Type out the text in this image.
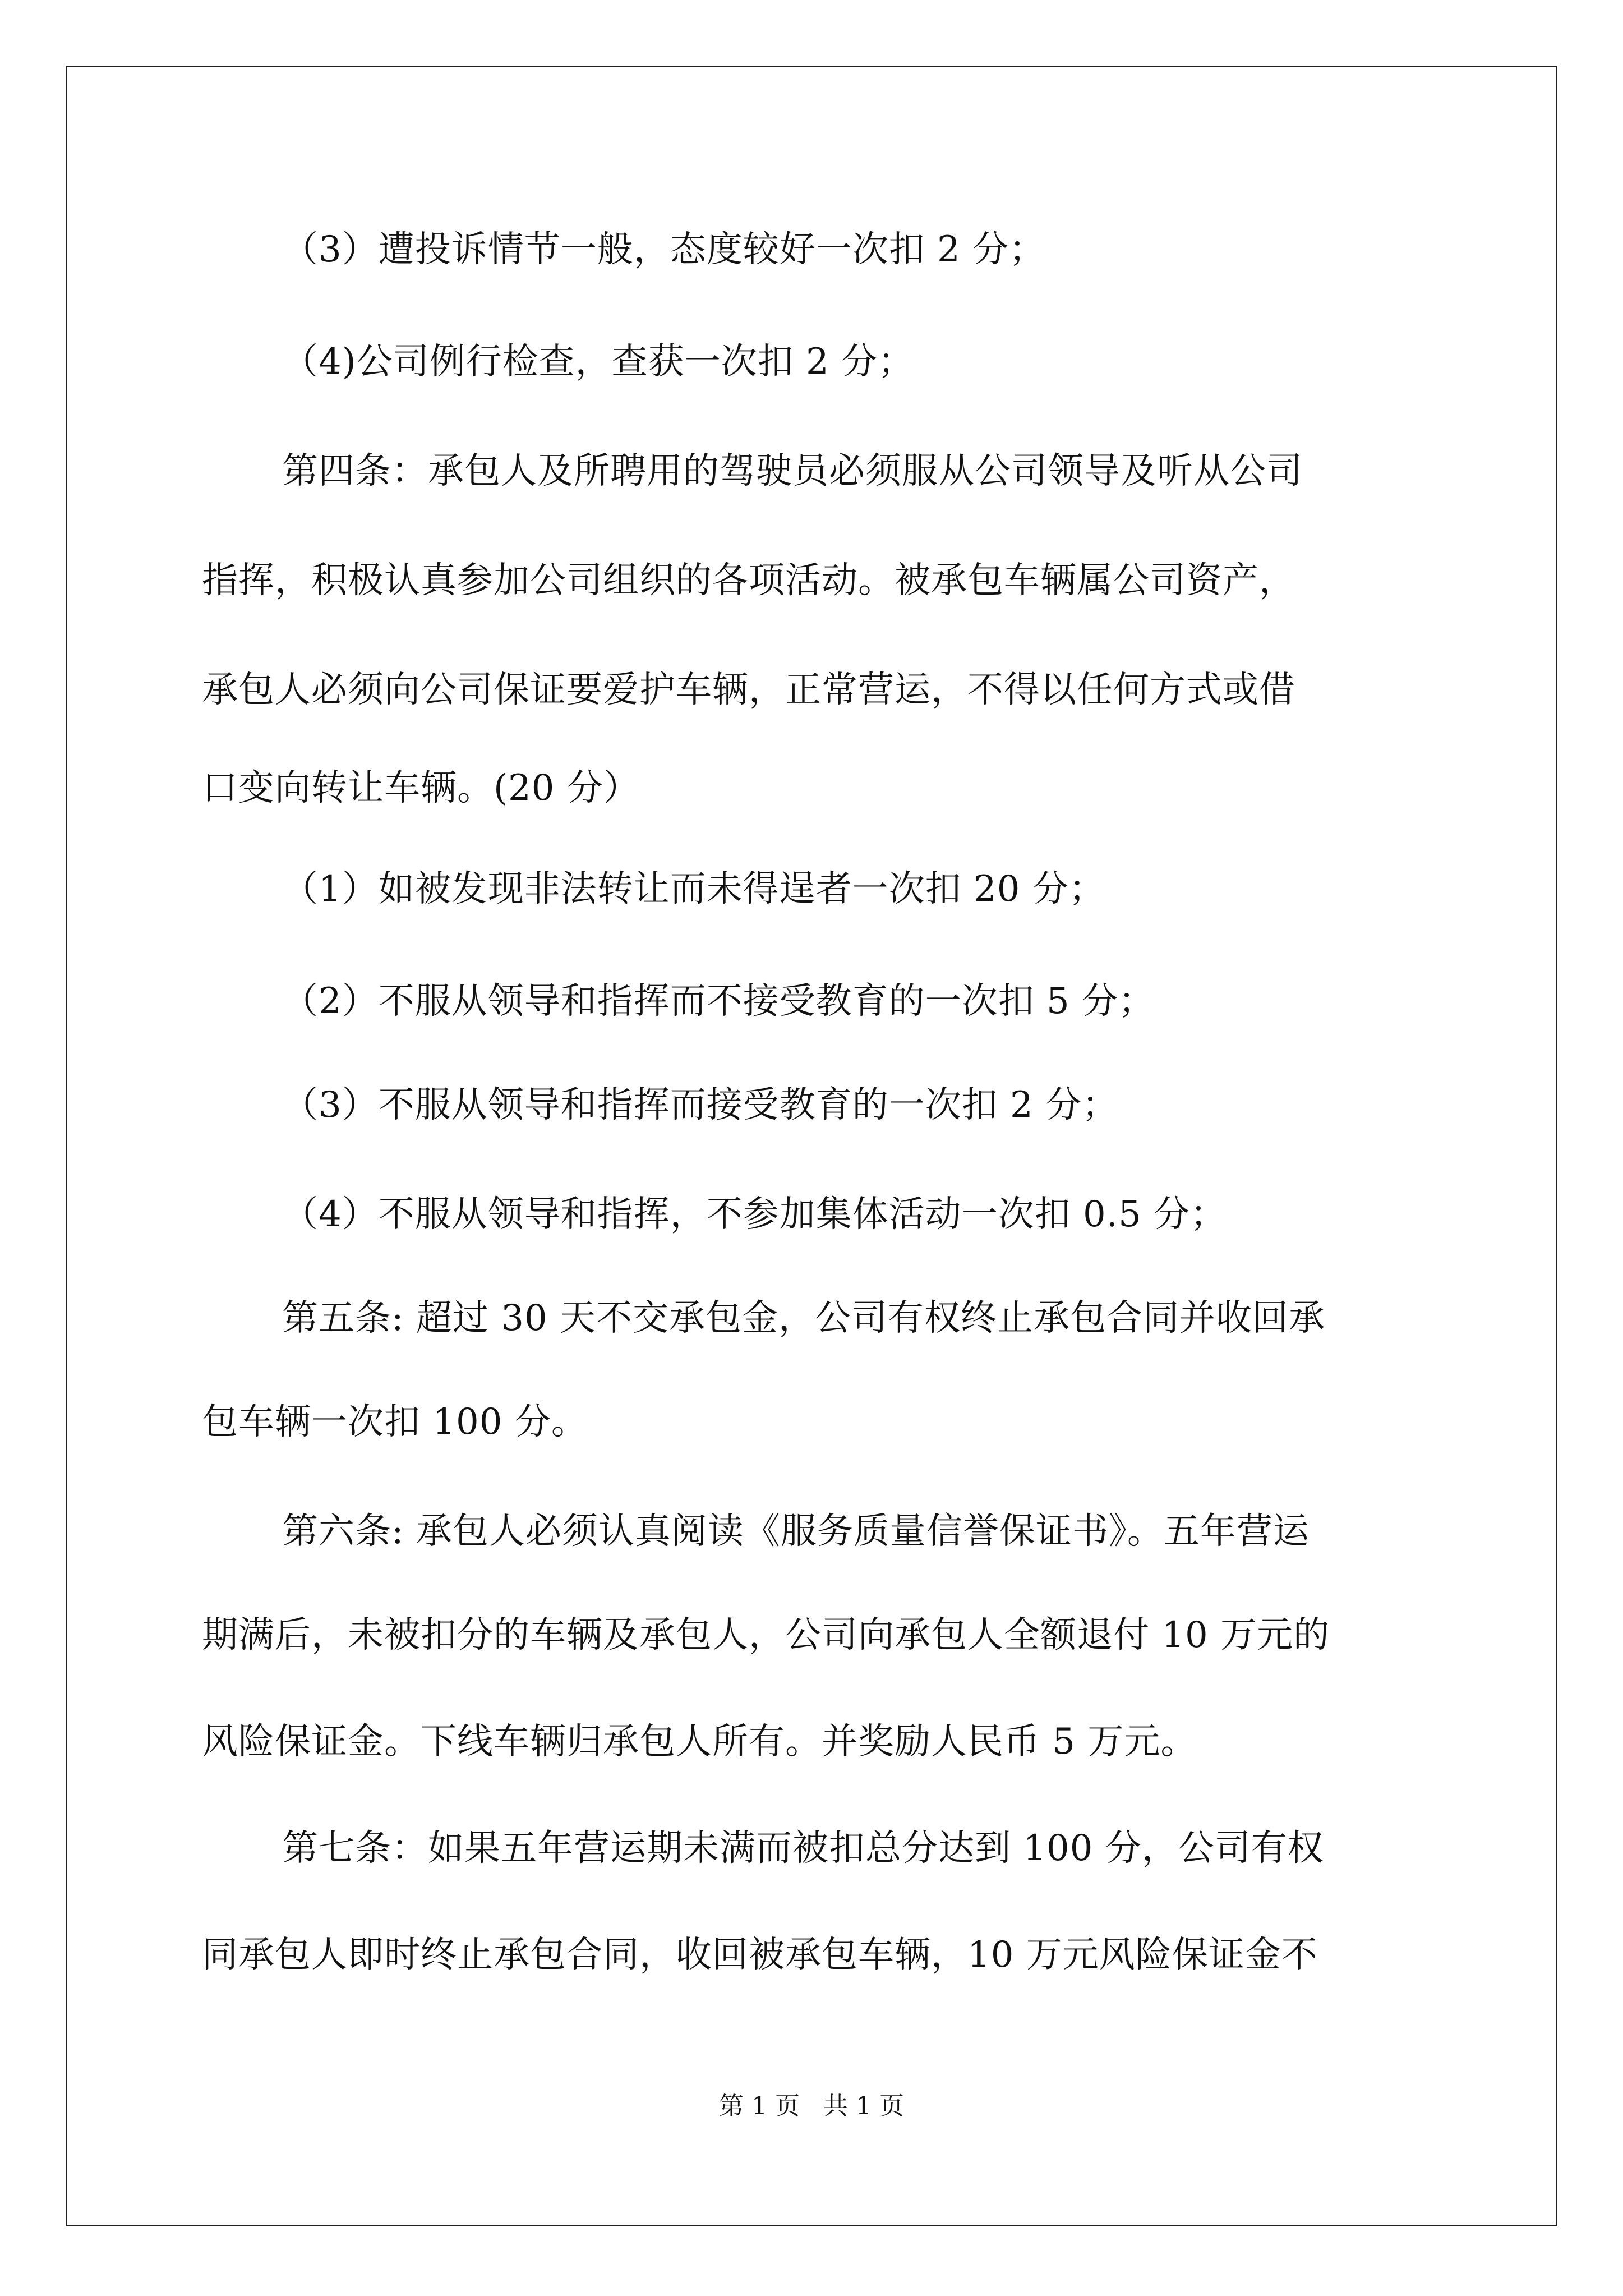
（3）遭投诉情节一般，态度较好一次扣 2 分；
（4)公司例行检查，查获一次扣 2 分；
第四条：承包人及所聘用的驾驶员必须服从公司领导及听从公司
指挥，积极认真参加公司组织的各项活动。被承包车辆属公司资产，
承包人必须向公司保证要爱护车辆，正常营运，不得以任何方式或借
口变向转让车辆。(20 分）
（1）如被发现非法转让而未得逞者一次扣 20 分；
（2）不服从领导和指挥而不接受教育的一次扣 5 分；
（3）不服从领导和指挥而接受教育的一次扣 2 分；
（4）不服从领导和指挥，不参加集体活动一次扣 0.5 分；
第五条: 超过 30 天不交承包金，公司有权终止承包合同并收回承
包车辆一次扣 100 分。
第六条: 承包人必须认真阅读《服务质量信誉保证书》。五年营运
期满后，未被扣分的车辆及承包人，公司向承包人全额退付 10 万元的
风险保证金。下线车辆归承包人所有。并奖励人民币 5 万元。
第七条：如果五年营运期未满而被扣总分达到 100 分，公司有权
同承包人即时终止承包合同，收回被承包车辆，10 万元风险保证金不
第 1 页 共 1 页
